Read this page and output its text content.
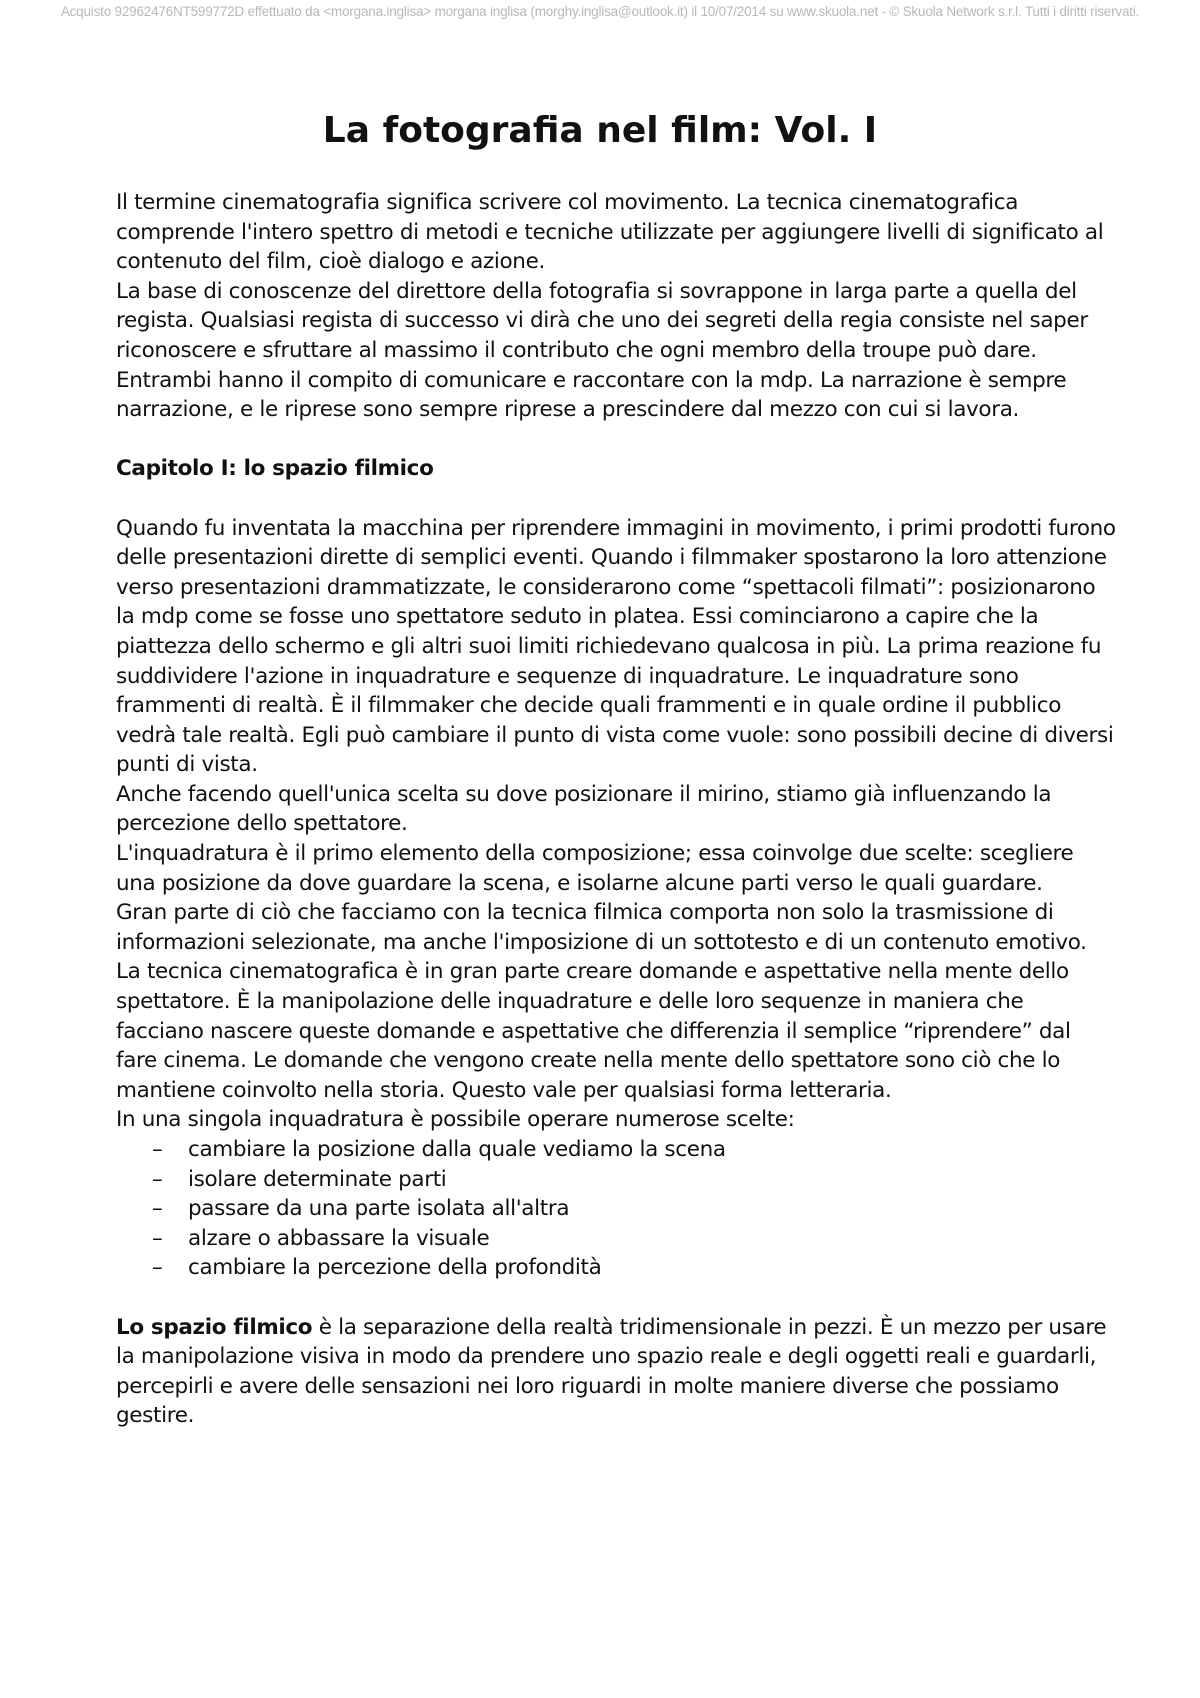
Acquisto 92962476NT599772D effettuato da <morgana.inglisa> morgana inglisa (morghy.inglisa@outlook.it) il 10/07/2014 su www.skuola.net - © Skuola Network s.r.l. Tutti i diritti riservati.
La fotografia nel film: Vol. I

Il termine cinematografia significa scrivere col movimento. La tecnica cinematografica comprende l'intero spettro di metodi e tecniche utilizzate per aggiungere livelli di significato al contenuto del film, cioè dialogo e azione.

La base di conoscenze del direttore della fotografia si sovrappone in larga parte a quella del regista. Qualsiasi regista di successo vi dirà che uno dei segreti della regia consiste nel saper riconoscere e sfruttare al massimo il contributo che ogni membro della troupe può dare. Entrambi hanno il compito di comunicare e raccontare con la mdp. La narrazione è sempre narrazione, e le riprese sono sempre riprese a prescindere dal mezzo con cui si lavora.

Capitolo I: lo spazio filmico

Quando fu inventata la macchina per riprendere immagini in movimento, i primi prodotti furono delle presentazioni dirette di semplici eventi. Quando i filmmaker spostarono la loro attenzione verso presentazioni drammatizzate, le considerarono come “spettacoli filmati”: posizionarono la mdp come se fosse uno spettatore seduto in platea. Essi cominciarono a capire che la piattezza dello schermo e gli altri suoi limiti richiedevano qualcosa in più. La prima reazione fu suddividere l'azione in inquadrature e sequenze di inquadrature. Le inquadrature sono frammenti di realtà. È il filmmaker che decide quali frammenti e in quale ordine il pubblico vedrà tale realtà. Egli può cambiare il punto di vista come vuole: sono possibili decine di diversi punti di vista.

Anche facendo quell'unica scelta su dove posizionare il mirino, stiamo già influenzando la percezione dello spettatore.

L'inquadratura è il primo elemento della composizione; essa coinvolge due scelte: scegliere una posizione da dove guardare la scena, e isolarne alcune parti verso le quali guardare.

Gran parte di ciò che facciamo con la tecnica filmica comporta non solo la trasmissione di informazioni selezionate, ma anche l'imposizione di un sottotesto e di un contenuto emotivo.

La tecnica cinematografica è in gran parte creare domande e aspettative nella mente dello spettatore. È la manipolazione delle inquadrature e delle loro sequenze in maniera che facciano nascere queste domande e aspettative che differenzia il semplice “riprendere” dal fare cinema. Le domande che vengono create nella mente dello spettatore sono ciò che lo mantiene coinvolto nella storia. Questo vale per qualsiasi forma letteraria.

In una singola inquadratura è possibile operare numerose scelte:

– cambiare la posizione dalla quale vediamo la scena
– isolare determinate parti
– passare da una parte isolata all'altra
– alzare o abbassare la visuale
– cambiare la percezione della profondità

Lo spazio filmico è la separazione della realtà tridimensionale in pezzi. È un mezzo per usare la manipolazione visiva in modo da prendere uno spazio reale e degli oggetti reali e guardarli, percepirli e avere delle sensazioni nei loro riguardi in molte maniere diverse che possiamo gestire.
